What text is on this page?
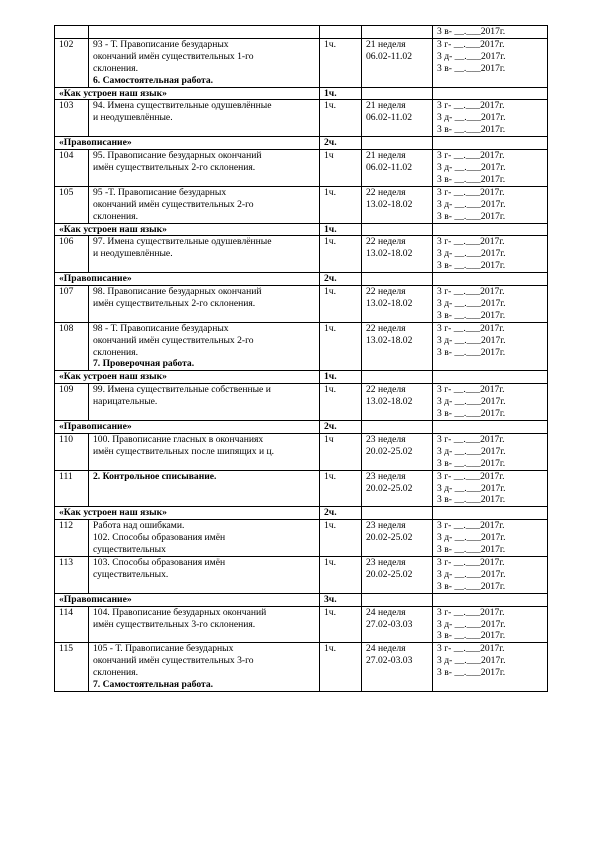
				3 в- __.___2017г.

102	93 - Т. Правописание безударных
окончаний имён существительных 1-го
склонения.
6. Самостоятельная работа.	1ч.	21 неделя
06.02-11.02	3 г- __.___2017г.
3 д- __.___2017г.
3 в- __.___2017г.

«Как устроен наш язык»		1ч.		
103	94. Имена существительные одушевлённые
и неодушевлённые.	1ч.	21 неделя
06.02-11.02	3 г- __.___2017г.
3 д- __.___2017г.
3 в- __.___2017г.

«Правописание»		2ч.		
104	95. Правописание безударных окончаний
имён существительных 2-го склонения.	1ч	21 неделя
06.02-11.02	3 г- __.___2017г.
3 д- __.___2017г.
3 в- __.___2017г.

105	95 -Т. Правописание безударных
окончаний имён существительных 2-го
склонения.	1ч.	22 неделя
13.02-18.02	3 г- __.___2017г.
3 д- __.___2017г.
3 в- __.___2017г.

«Как устроен наш язык»		1ч.		
106	97. Имена существительные одушевлённые
и неодушевлённые.	1ч.	22 неделя
13.02-18.02	3 г- __.___2017г.
3 д- __.___2017г.
3 в- __.___2017г.

«Правописание»		2ч.		
107	98. Правописание безударных окончаний
имён существительных 2-го склонения.	1ч.	22 неделя
13.02-18.02	3 г- __.___2017г.
3 д- __.___2017г.
3 в- __.___2017г.

108	98 - Т. Правописание безударных
окончаний имён существительных 2-го
склонения.
7. Проверочная работа.	1ч.	22 неделя
13.02-18.02	3 г- __.___2017г.
3 д- __.___2017г.
3 в- __.___2017г.

«Как устроен наш язык»		1ч.		
109	99. Имена существительные собственные и
нарицательные.	1ч.	22 неделя
13.02-18.02	3 г- __.___2017г.
3 д- __.___2017г.
3 в- __.___2017г.

«Правописание»		2ч.		
110	100. Правописание гласных в окончаниях
имён существительных после шипящих и ц.	1ч	23 неделя
20.02-25.02	3 г- __.___2017г.
3 д- __.___2017г.
3 в- __.___2017г.

111	2. Контрольное списывание.	1ч.	23 неделя
20.02-25.02	3 г- __.___2017г.
3 д- __.___2017г.
3 в- __.___2017г.

«Как устроен наш язык»		2ч.		
112	Работа над ошибками.
102. Способы образования имён
существительных	1ч.	23 неделя
20.02-25.02	3 г- __.___2017г.
3 д- __.___2017г.
3 в- __.___2017г.

113	103. Способы образования имён
существительных.	1ч.	23 неделя
20.02-25.02	3 г- __.___2017г.
3 д- __.___2017г.
3 в- __.___2017г.

«Правописание»		3ч.		
114	104. Правописание безударных окончаний
имён существительных 3-го склонения.	1ч.	24 неделя
27.02-03.03	3 г- __.___2017г.
3 д- __.___2017г.
3 в- __.___2017г.

115	105 - Т. Правописание безударных
окончаний имён существительных 3-го
склонения.
7. Самостоятельная работа.	1ч.	24 неделя
27.02-03.03	3 г- __.___2017г.
3 д- __.___2017г.
3 в- __.___2017г.
